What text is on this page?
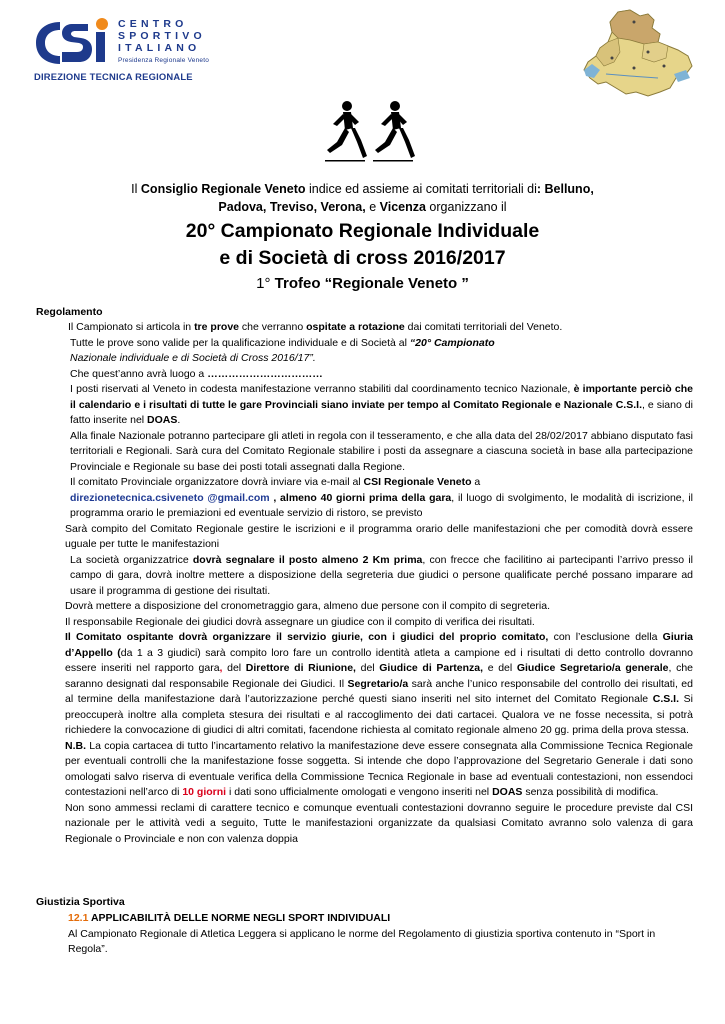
CENTRO
SPORTIVO
ITALIANO
Presidenza Regionale Veneto
DIREZIONE TECNICA REGIONALE
Il Consiglio Regionale Veneto indice ed assieme ai comitati territoriali di: Belluno,
Padova, Treviso, Verona, e Vicenza organizzano il
20° Campionato Regionale Individuale
e di Società di cross 2016/2017
1° Trofeo “Regionale Veneto ”
Regolamento

Il Campionato si articola in tre prove che verranno ospitate a rotazione dai comitati territoriali del Veneto.

Tutte le prove sono valide per la qualificazione individuale e di Società al “20° Campionato
Nazionale individuale e di Società di Cross 2016/17”.

Che quest’anno avrà luogo a ……………………………

I posti riservati al Veneto in codesta manifestazione verranno stabiliti dal coordinamento tecnico Nazionale, è importante perciò che il calendario e i risultati di tutte le gare Provinciali siano inviate per tempo al Comitato Regionale e Nazionale C.S.I., e siano di fatto inserite nel DOAS.

Alla finale Nazionale potranno partecipare gli atleti in regola con il tesseramento, e che alla data del 28/02/2017 abbiano disputato fasi territoriali e Regionali. Sarà cura del Comitato Regionale stabilire i posti da assegnare a ciascuna società in base alla partecipazione Provinciale e Regionale su base dei posti totali assegnati dalla Regione.

Il comitato Provinciale organizzatore dovrà inviare via e-mail al CSI Regionale Veneto a

direzionetecnica.csiveneto @gmail.com , almeno 40 giorni prima della gara, il luogo di svolgimento, le modalità di iscrizione, il programma orario le premiazioni ed eventuale servizio di ristoro, se previsto

Sarà compito del Comitato Regionale gestire le iscrizioni e il programma orario delle manifestazioni che per comodità dovrà essere uguale per tutte le manifestazioni

La società organizzatrice dovrà segnalare il posto almeno 2 Km prima, con frecce che facilitino ai partecipanti l’arrivo presso il campo di gara, dovrà inoltre mettere a disposizione della segreteria due giudici o persone qualificate perché possano imparare ad usare il programma di gestione dei risultati.

Dovrà mettere a disposizione del cronometraggio gara, almeno due persone con il compito di segreteria.

Il responsabile Regionale dei giudici dovrà assegnare un giudice con il compito di verifica dei risultati.

Il Comitato ospitante dovrà organizzare il servizio giurie, con i giudici del proprio comitato, con l’esclusione della Giuria d’Appello (da 1 a 3 giudici) sarà compito loro fare un controllo identità atleta a campione ed i risultati di detto controllo dovranno essere inseriti nel rapporto gara, del Direttore di Riunione, del Giudice di Partenza, e del Giudice Segretario/a generale, che saranno designati dal responsabile Regionale dei Giudici. Il Segretario/a sarà anche l’unico responsabile del controllo dei risultati, ed al termine della manifestazione darà l’autorizzazione perché questi siano inseriti nel sito internet del Comitato Regionale C.S.I. Si preoccuperà inoltre alla completa stesura dei risultati e al raccoglimento dei dati cartacei. Qualora ve ne fosse necessita, si potrà richiedere la convocazione di giudici di altri comitati, facendone richiesta al comitato regionale almeno 20 gg. prima della prova stessa.

N.B. La copia cartacea di tutto l’incartamento relativo la manifestazione deve essere consegnata alla Commissione Tecnica Regionale per eventuali controlli che la manifestazione fosse soggetta. Si intende che dopo l’approvazione del Segretario Generale i dati sono omologati salvo riserva di eventuale verifica della Commissione Tecnica Regionale in base ad eventuali contestazioni, non essendoci contestazioni nell’arco di 10 giorni i dati sono ufficialmente omologati e vengono inseriti nel DOAS senza possibilità di modifica.

Non sono ammessi reclami di carattere tecnico e comunque eventuali contestazioni dovranno seguire le procedure previste dal CSI nazionale per le attività vedi a seguito, Tutte le manifestazioni organizzate da qualsiasi Comitato avranno solo valenza di gara Regionale o Provinciale e non con valenza doppia

Giustizia Sportiva

12.1 APPLICABILITÀ DELLE NORME NEGLI SPORT INDIVIDUALI

Al Campionato Regionale di Atletica Leggera si applicano le norme del Regolamento di giustizia sportiva contenuto in “Sport in Regola”.
